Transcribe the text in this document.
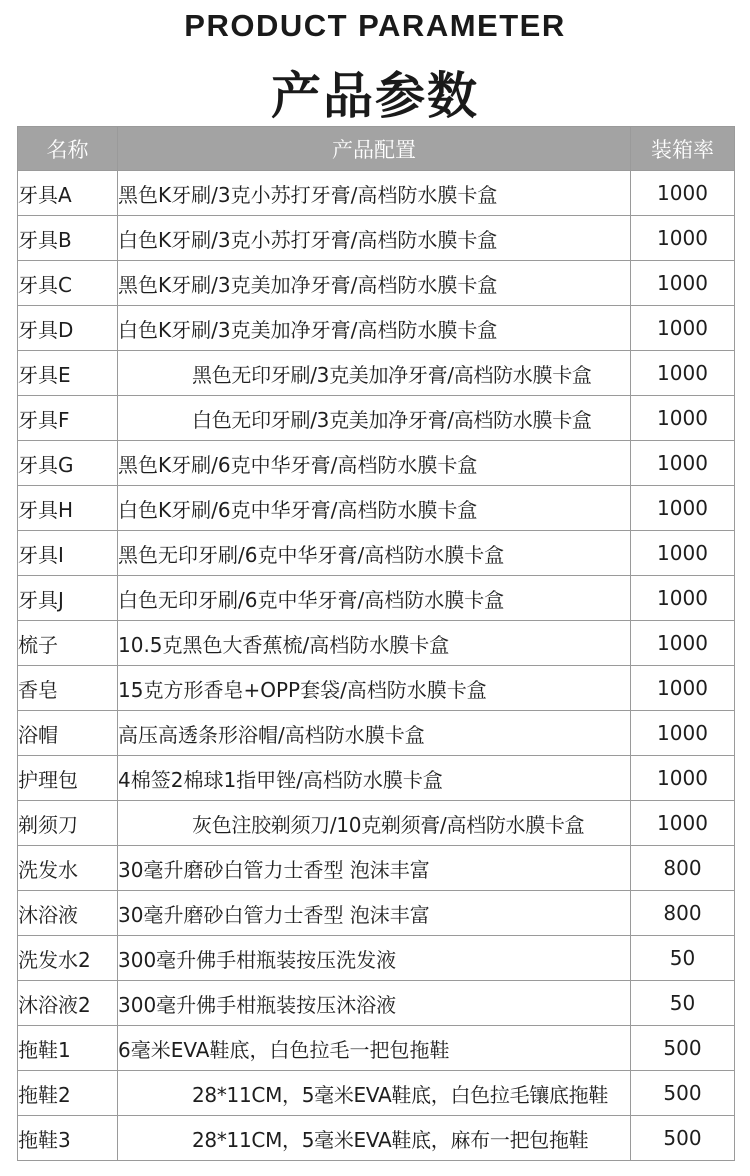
PRODUCT PARAMETER
产品参数
名称	产品配置	装箱率
牙具A	黑色K牙刷/3克小苏打牙膏/高档防水膜卡盒	1000
牙具B	白色K牙刷/3克小苏打牙膏/高档防水膜卡盒	1000
牙具C	黑色K牙刷/3克美加净牙膏/高档防水膜卡盒	1000
牙具D	白色K牙刷/3克美加净牙膏/高档防水膜卡盒	1000
牙具E	黑色无印牙刷/3克美加净牙膏/高档防水膜卡盒	1000
牙具F	白色无印牙刷/3克美加净牙膏/高档防水膜卡盒	1000
牙具G	黑色K牙刷/6克中华牙膏/高档防水膜卡盒	1000
牙具H	白色K牙刷/6克中华牙膏/高档防水膜卡盒	1000
牙具I	黑色无印牙刷/6克中华牙膏/高档防水膜卡盒	1000
牙具J	白色无印牙刷/6克中华牙膏/高档防水膜卡盒	1000
梳子	10.5克黑色大香蕉梳/高档防水膜卡盒	1000
香皂	15克方形香皂+OPP套袋/高档防水膜卡盒	1000
浴帽	高压高透条形浴帽/高档防水膜卡盒	1000
护理包	4棉签2棉球1指甲锉/高档防水膜卡盒	1000
剃须刀	灰色注胶剃须刀/10克剃须膏/高档防水膜卡盒	1000
洗发水	30毫升磨砂白管力士香型 泡沫丰富	800
沐浴液	30毫升磨砂白管力士香型 泡沫丰富	800
洗发水2	300毫升佛手柑瓶装按压洗发液	50
沐浴液2	300毫升佛手柑瓶装按压沐浴液	50
拖鞋1	6毫米EVA鞋底，白色拉毛一把包拖鞋	500
拖鞋2	28*11CM，5毫米EVA鞋底，白色拉毛镶底拖鞋	500
拖鞋3	28*11CM，5毫米EVA鞋底，麻布一把包拖鞋	500
